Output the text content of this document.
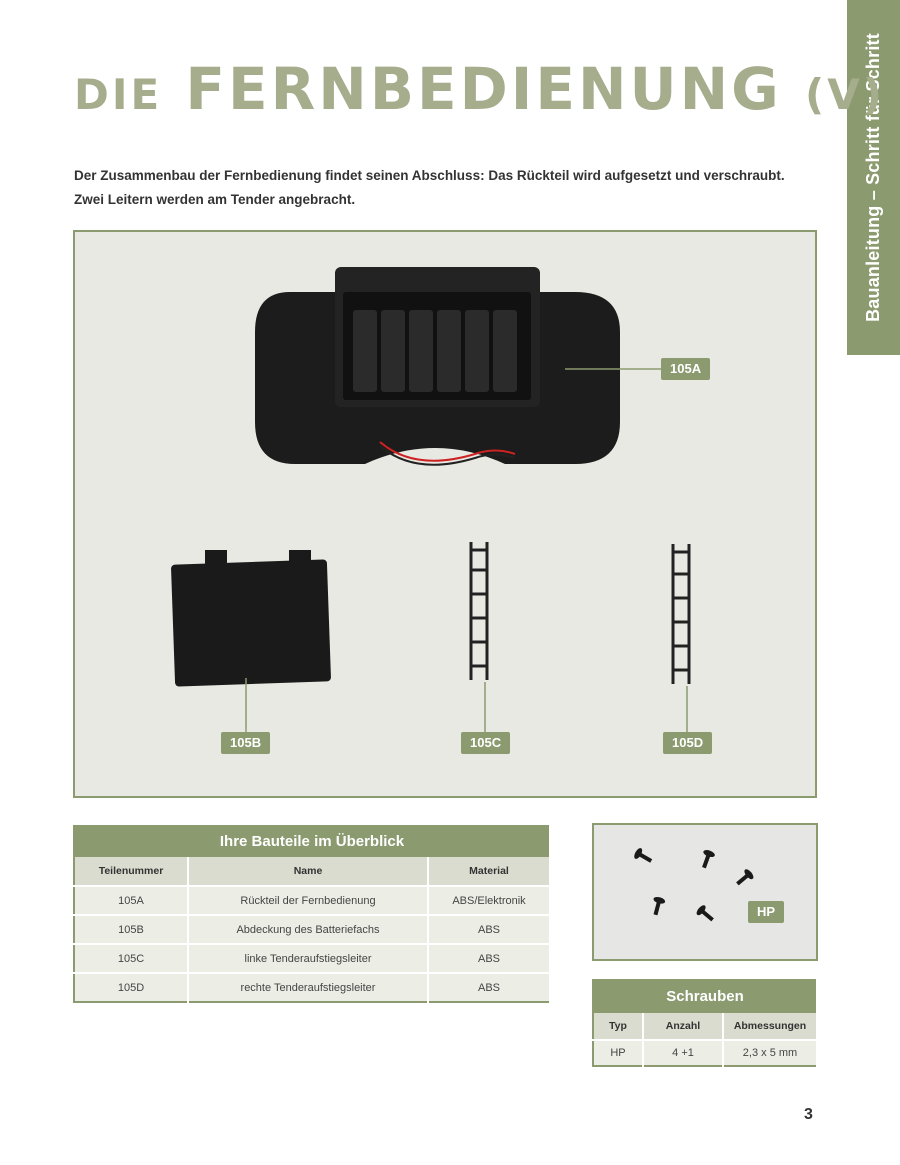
Bauanleitung – Schritt für Schritt
DIE FERNBEDIENUNG (V)

Der Zusammenbau der Fernbedienung findet seinen Abschluss: Das Rückteil wird aufgesetzt und verschraubt. Zwei Leitern werden am Tender angebracht.

105A
105B	105C	105D
Ihre Bauteile im Überblick		
Teilenummer	Name	Material
105A	Rückteil der Fernbedienung	ABS/Elektronik
105B	Abdeckung des Batteriefachs	ABS
105C	linke Tenderaufstiegsleiter	ABS
105D	rechte Tenderaufstiegsleiter	ABS
HP
Schrauben		
Typ	Anzahl	Abmessungen
HP	4 +1	2,3 x 5 mm
3
